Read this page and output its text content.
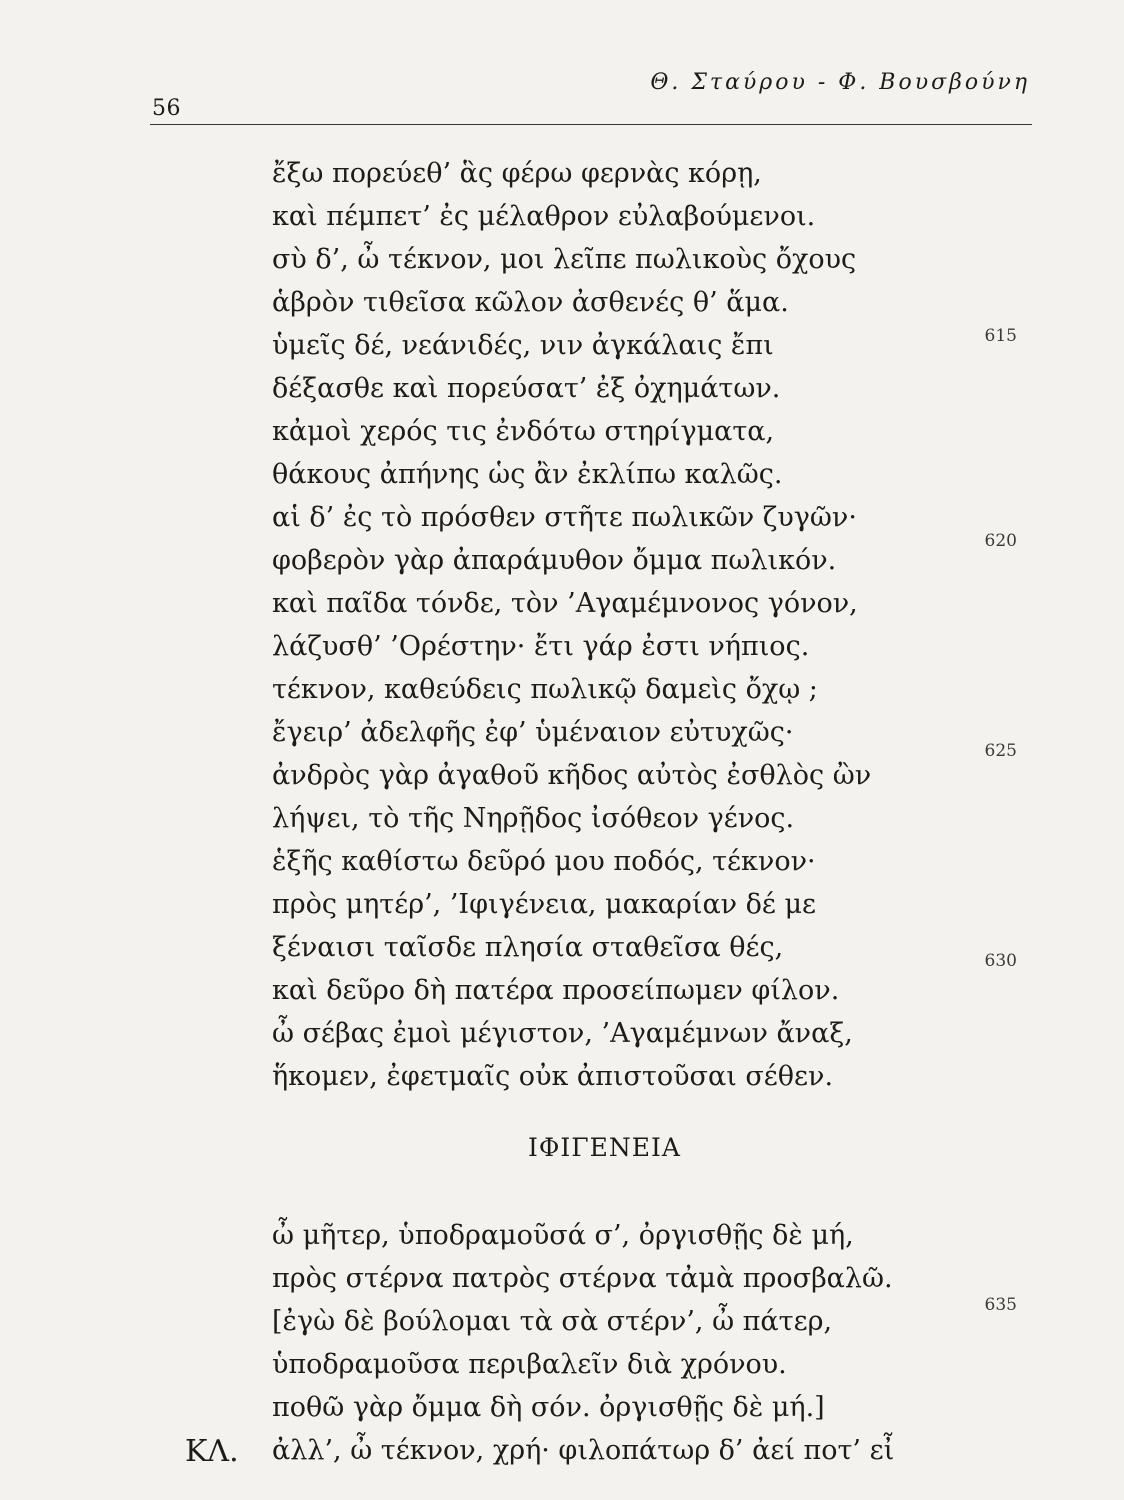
56
Θ. Σταύρου - Φ. Βουσβούνη
ἔξω πορεύεθ’ ἃς φέρω φερνὰς κόρῃ,
καὶ πέμπετ’ ἐς μέλαθρον εὐλαβούμενοι.
σὺ δ’, ὦ τέκνον, μοι λεῖπε πωλικοὺς ὄχους
ἁβρὸν τιθεῖσα κῶλον ἀσθενές θ’ ἅμα.
ὑμεῖς δέ, νεάνιδές, νιν ἀγκάλαις ἔπι
δέξασθε καὶ πορεύσατ’ ἐξ ὀχημάτων.
κἀμοὶ χερός τις ἐνδότω στηρίγματα,
θάκους ἀπήνης ὡς ἂν ἐκλίπω καλῶς.
αἱ δ’ ἐς τὸ πρόσθεν στῆτε πωλικῶν ζυγῶν·
φοβερὸν γὰρ ἀπαράμυθον ὄμμα πωλικόν.
καὶ παῖδα τόνδε, τὸν ’Αγαμέμνονος γόνον,
λάζυσθ’ ’Ορέστην· ἔτι γάρ ἐστι νήπιος.
τέκνον, καθεύδεις πωλικῷ δαμεὶς ὄχῳ ;
ἔγειρ’ ἀδελφῆς ἐφ’ ὑμέναιον εὐτυχῶς·
ἀνδρὸς γὰρ ἀγαθοῦ κῆδος αὐτὸς ἐσθλὸς ὢν
λήψει, τὸ τῆς Νηρῇδος ἰσόθεον γένος.
ἑξῆς καθίστω δεῦρό μου ποδός, τέκνον·
πρὸς μητέρ’, ’Ιφιγένεια, μακαρίαν δέ με
ξέναισι ταῖσδε πλησία σταθεῖσα θές,
καὶ δεῦρο δὴ πατέρα προσείπωμεν φίλον.
ὦ σέβας ἐμοὶ μέγιστον, ’Αγαμέμνων ἄναξ,
ἥκομεν, ἐφετμαῖς οὐκ ἀπιστοῦσαι σέθεν.
ΙΦΙΓΕΝΕΙΑ
ὦ μῆτερ, ὑποδραμοῦσά σ’, ὀργισθῇς δὲ μή,
πρὸς στέρνα πατρὸς στέρνα τἀμὰ προσβαλῶ.
[ἐγὼ δὲ βούλομαι τὰ σὰ στέρν’, ὦ πάτερ,
ὑποδραμοῦσα περιβαλεῖν διὰ χρόνου.
ποθῶ γὰρ ὄμμα δὴ σόν. ὀργισθῇς δὲ μή.]
ἀλλ’, ὦ τέκνον, χρή· φιλοπάτωρ δ’ ἀεί ποτ’ εἶ
ΚΛ.
615
620
625
630
635
